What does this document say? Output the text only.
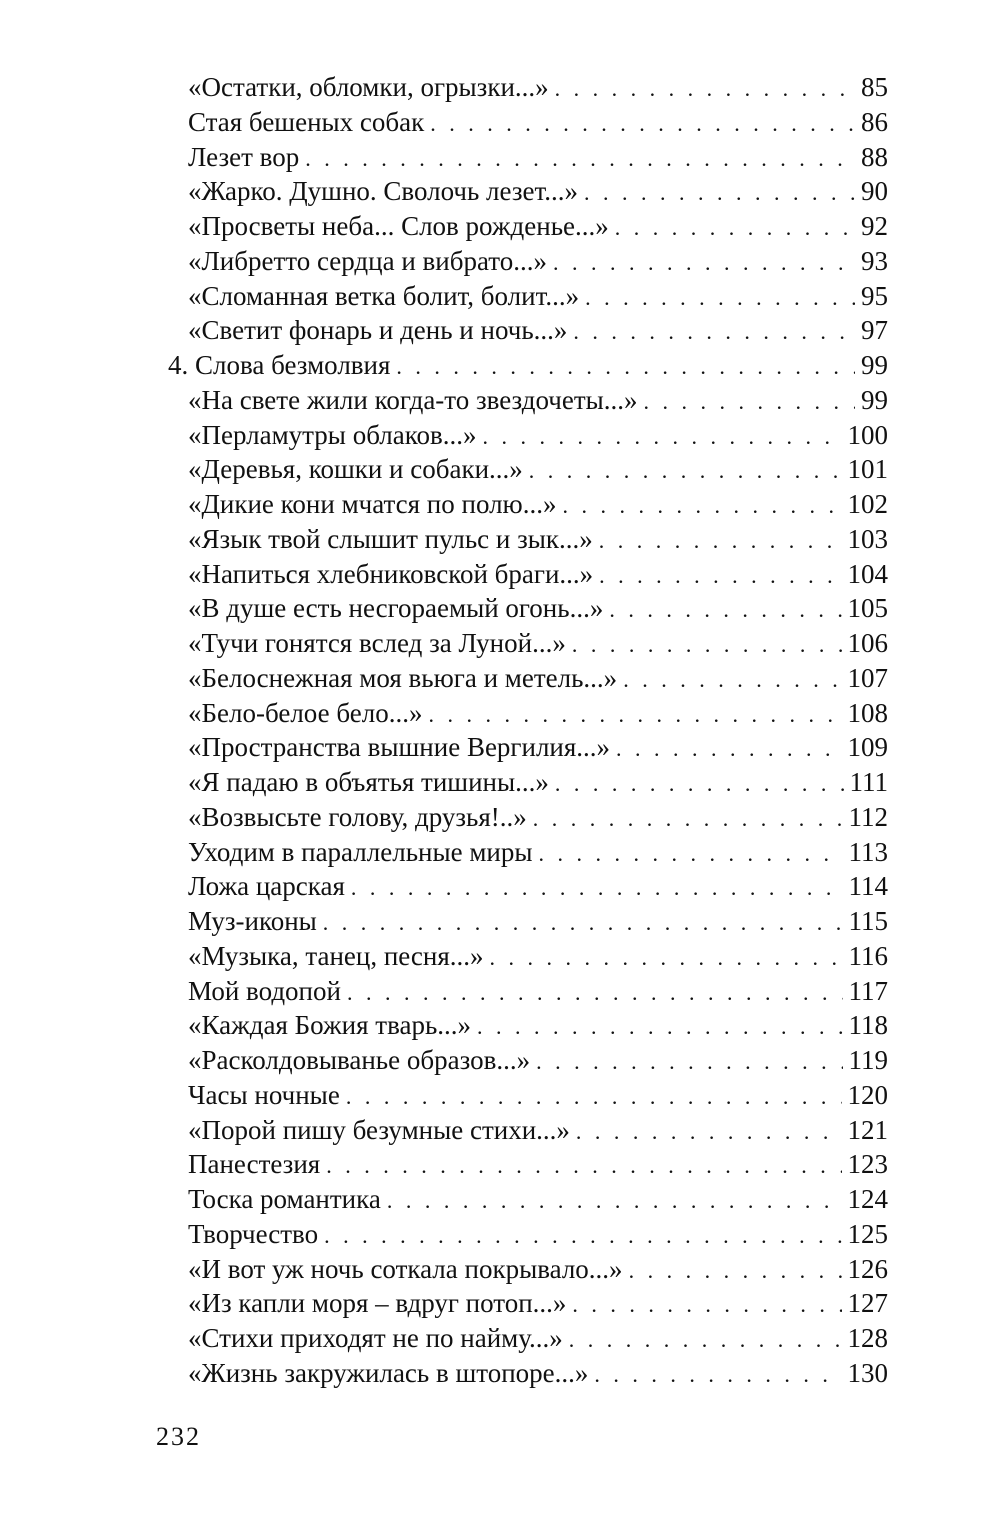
«Остатки, обломки, огрызки...» . . .	85
Стая бешеных собак . . .	86
Лезет вор . . .	88
«Жарко. Душно. Сволочь лезет...» . . .	90
«Просветы неба... Слов рожденье...» . . .	92
«Либретто сердца и вибрато...» . . .	93
«Сломанная ветка болит, болит...» . . .	95
«Светит фонарь и день и ночь...» . . .	97
4. Слова безмолвия . . .	99
«На свете жили когда-то звездочеты...» . . .	99
«Перламутры облаков...» . . .	100
«Деревья, кошки и собаки...» . . .	101
«Дикие кони мчатся по полю...» . . .	102
«Язык твой слышит пульс и зык...» . . .	103
«Напиться хлебниковской браги...» . . .	104
«В душе есть несгораемый огонь...» . . .	105
«Тучи гонятся вслед за Луной...» . . .	106
«Белоснежная моя вьюга и метель...» . . .	107
«Бело-белое бело...» . . .	108
«Пространства вышние Вергилия...» . . .	109
«Я падаю в объятья тишины...» . . .	111
«Возвысьте голову, друзья!..» . . .	112
Уходим в параллельные миры . . .	113
Ложа царская . . .	114
Муз-иконы . . .	115
«Музыка, танец, песня...» . . .	116
Мой водопой . . .	117
«Каждая Божия тварь...» . . .	118
«Расколдовыванье образов...» . . .	119
Часы ночные . . .	120
«Порой пишу безумные стихи...» . . .	121
Панестезия . . .	123
Тоска романтика . . .	124
Творчество . . .	125
«И вот уж ночь соткала покрывало...» . . .	126
«Из капли моря – вдруг потоп...» . . .	127
«Стихи приходят не по найму...» . . .	128
«Жизнь закружилась в штопоре...» . . .	130
232
